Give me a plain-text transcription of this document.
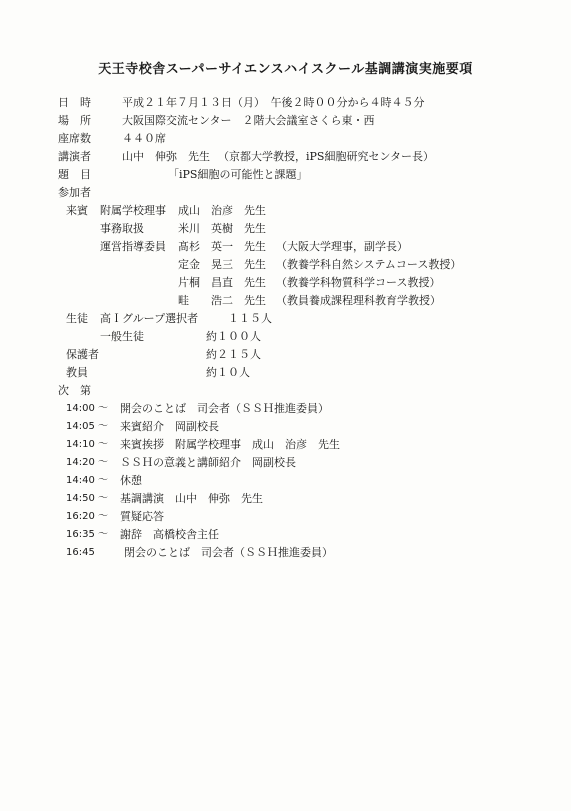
天王寺校舎スーパーサイエンスハイスクール基調講演実施要項
日　時	平成２１年７月１３日（月）　午後２時００分から４時４５分
場　所	大阪国際交流センター　２階大会議室さくら東・西
座席数	４４０席
講演者	山中　伸弥　先生 （京都大学教授，iPS細胞研究センター長）
題　目	「iPS細胞の可能性と課題」
参加者
来賓 附属学校理事 成山　治彦　先生
事務取扱	米川　英樹　先生
運営指導委員 髙杉　英一　先生 （大阪大学理事，副学長）
定金　晃三　先生 （教養学科自然システムコース教授）
片桐　昌直　先生 （教養学科物質科学コース教授）
畦　　浩二　先生 （教員養成課程理科教育学教授）
生徒 高Ｉグループ選択者	１１５人
一般生徒	約１００人
保護者	約２１５人
教員	約１０人
次　第
14:00 ～ 開会のことば　司会者（ＳＳＨ推進委員）
14:05 ～ 来賓紹介　岡副校長
14:10 ～ 来賓挨拶　附属学校理事　成山　治彦　先生
14:20 ～ ＳＳＨの意義と講師紹介　岡副校長
14:40 ～ 休憩
14:50 ～ 基調講演　山中　伸弥　先生
16:20 ～ 質疑応答
16:35 ～ 謝辞　高橋校舎主任
16:45	閉会のことば　司会者（ＳＳＨ推進委員）
